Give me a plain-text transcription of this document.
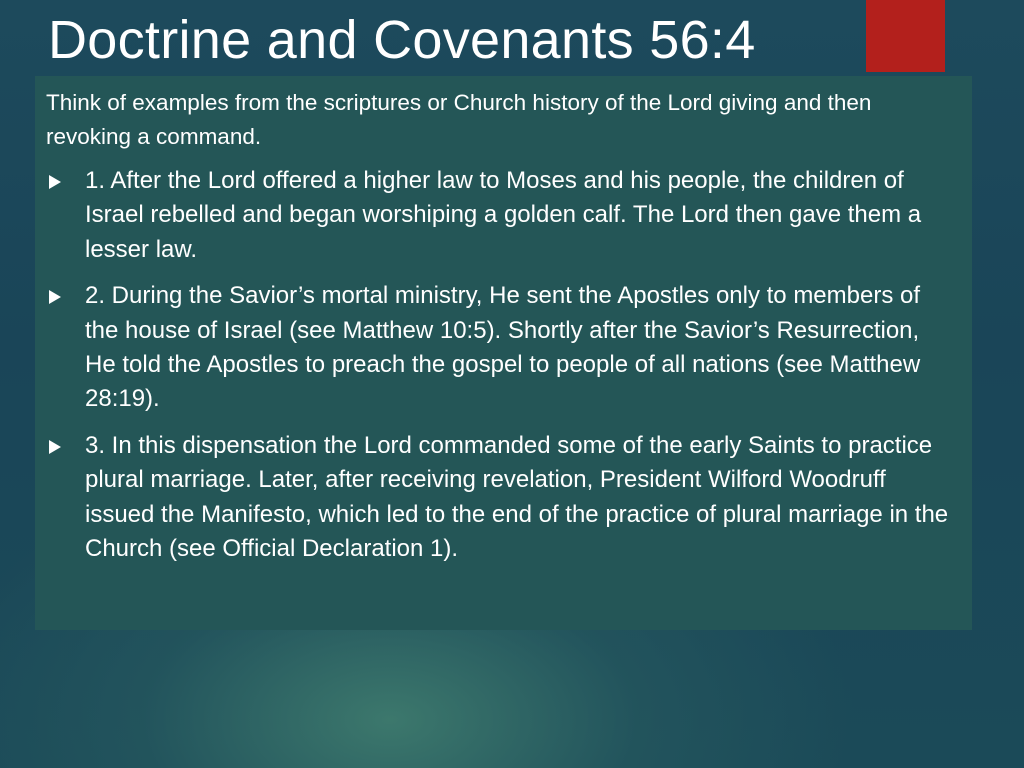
Doctrine and Covenants 56:4

Think of examples from the scriptures or Church history of the Lord giving and then revoking a command.

1. After the Lord offered a higher law to Moses and his people, the children of Israel rebelled and began worshiping a golden calf. The Lord then gave them a lesser law.
2. During the Savior’s mortal ministry, He sent the Apostles only to members of the house of Israel (see Matthew 10:5). Shortly after the Savior’s Resurrection, He told the Apostles to preach the gospel to people of all nations (see Matthew 28:19).
3. In this dispensation the Lord commanded some of the early Saints to practice plural marriage. Later, after receiving revelation, President Wilford Woodruff issued the Manifesto, which led to the end of the practice of plural marriage in the Church (see Official Declaration 1).
